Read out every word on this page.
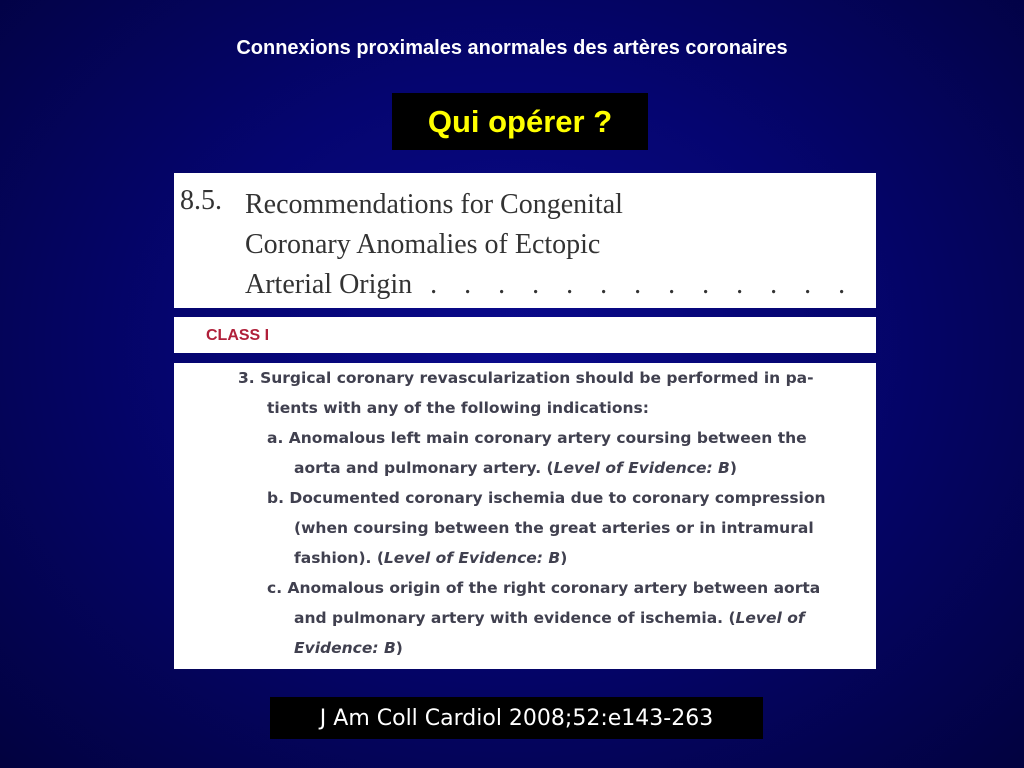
Connexions proximales anormales des artères coronaires
Qui opérer ?
8.5. Recommendations for Congenital
Coronary Anomalies of Ectopic
Arterial Origin . . . . . . . . . . . . .
CLASS I
3. Surgical coronary revascularization should be performed in pa-
tients with any of the following indications:
a. Anomalous left main coronary artery coursing between the
aorta and pulmonary artery. (Level of Evidence: B)
b. Documented coronary ischemia due to coronary compression
(when coursing between the great arteries or in intramural
fashion). (Level of Evidence: B)
c. Anomalous origin of the right coronary artery between aorta
and pulmonary artery with evidence of ischemia. (Level of
Evidence: B)
J Am Coll Cardiol 2008;52:e143-263
